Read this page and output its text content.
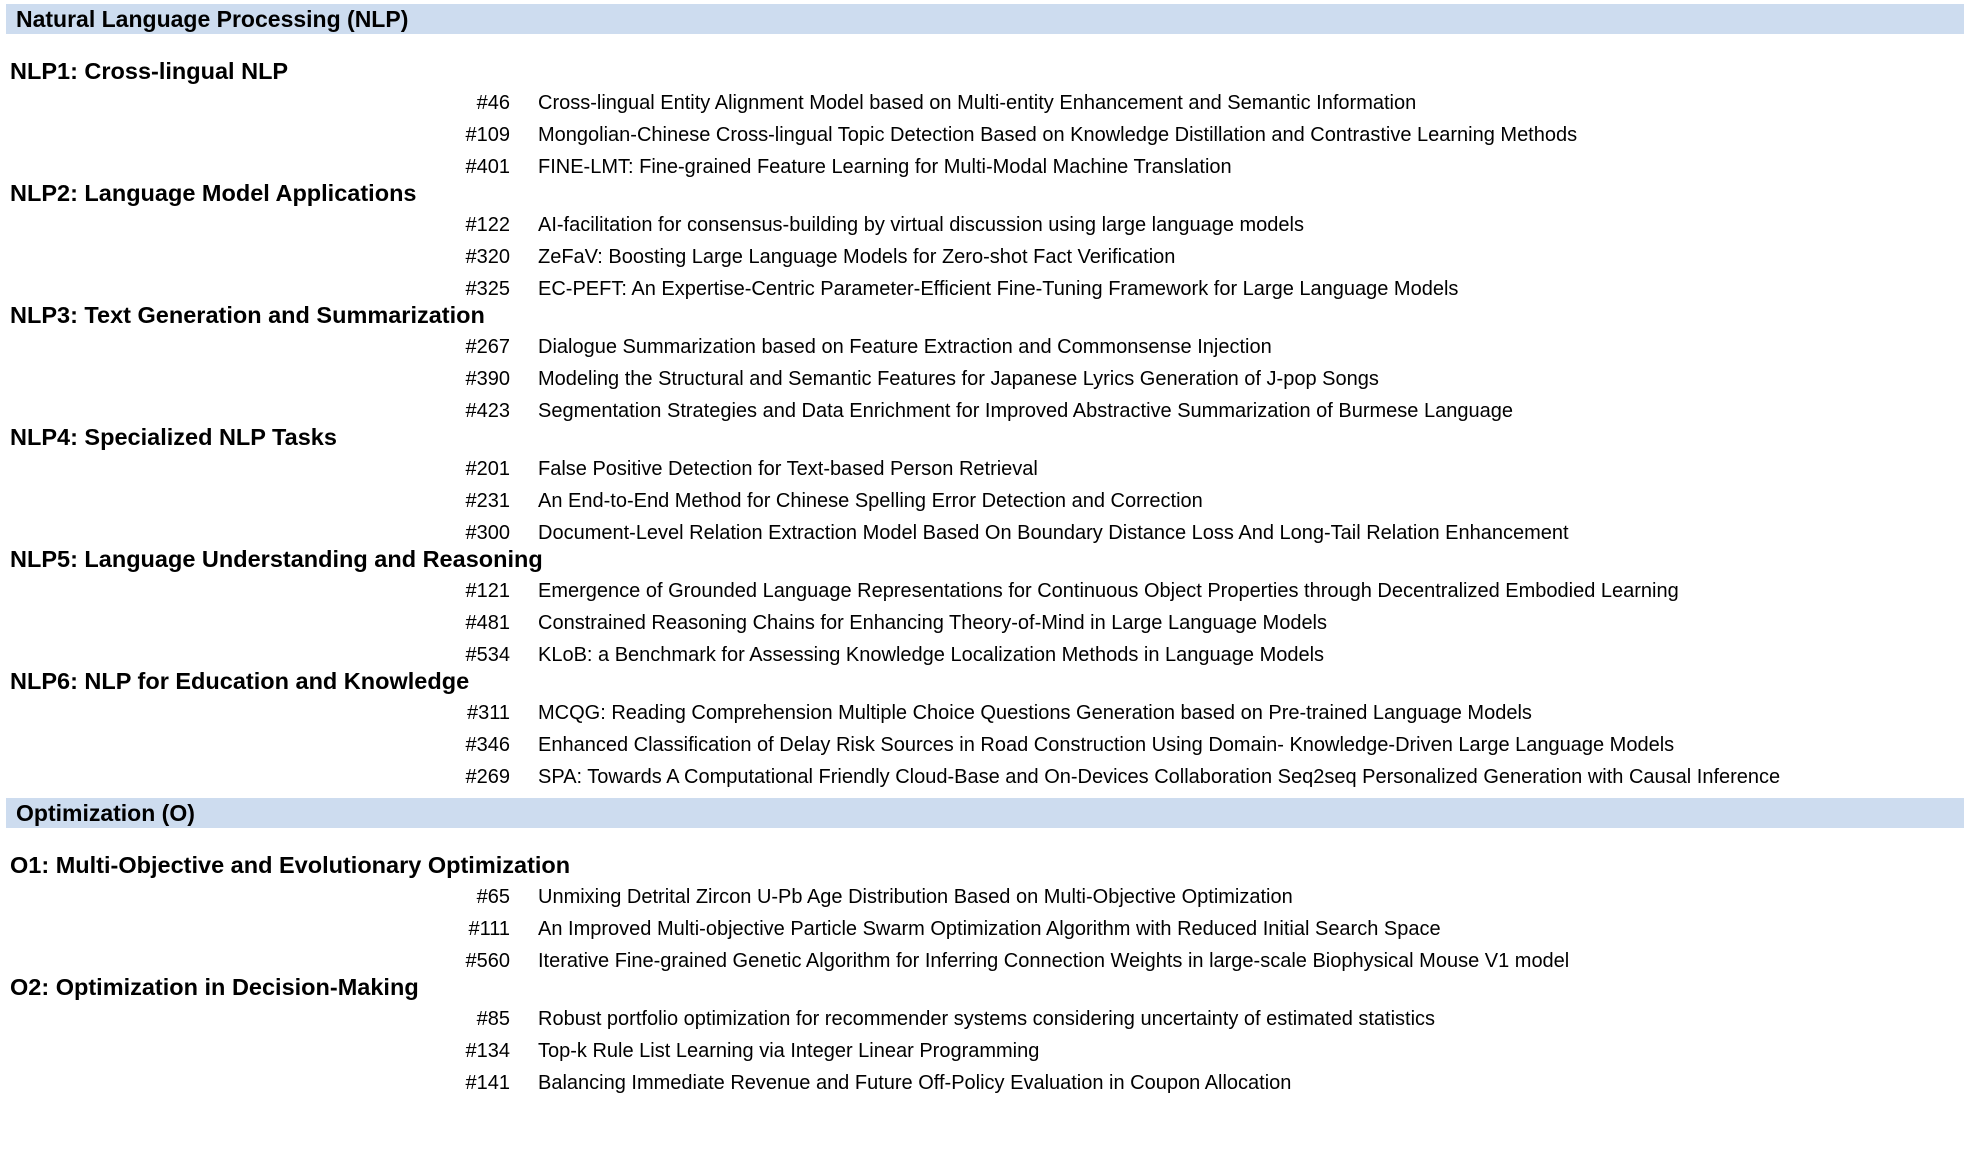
Natural Language Processing (NLP)
NLP1: Cross-lingual NLP
#46 Cross-lingual Entity Alignment Model based on Multi-entity Enhancement and Semantic Information
#109 Mongolian-Chinese Cross-lingual Topic Detection Based on Knowledge Distillation and Contrastive Learning Methods
#401 FINE-LMT: Fine-grained Feature Learning for Multi-Modal Machine Translation
NLP2: Language Model Applications
#122 AI-facilitation for consensus-building by virtual discussion using large language models
#320 ZeFaV: Boosting Large Language Models for Zero-shot Fact Verification
#325 EC-PEFT: An Expertise-Centric Parameter-Efficient Fine-Tuning Framework for Large Language Models
NLP3: Text Generation and Summarization
#267 Dialogue Summarization based on Feature Extraction and Commonsense Injection
#390 Modeling the Structural and Semantic Features for Japanese Lyrics Generation of J-pop Songs
#423 Segmentation Strategies and Data Enrichment for Improved Abstractive Summarization of Burmese Language
NLP4: Specialized NLP Tasks
#201 False Positive Detection for Text-based Person Retrieval
#231 An End-to-End Method for Chinese Spelling Error Detection and Correction
#300 Document-Level Relation Extraction Model Based On Boundary Distance Loss And Long-Tail Relation Enhancement
NLP5: Language Understanding and Reasoning
#121 Emergence of Grounded Language Representations for Continuous Object Properties through Decentralized Embodied Learning
#481 Constrained Reasoning Chains for Enhancing Theory-of-Mind in Large Language Models
#534 KLoB: a Benchmark for Assessing Knowledge Localization Methods in Language Models
NLP6: NLP for Education and Knowledge
#311 MCQG: Reading Comprehension Multiple Choice Questions Generation based on Pre-trained Language Models
#346 Enhanced Classification of Delay Risk Sources in Road Construction Using Domain- Knowledge-Driven Large Language Models
#269 SPA: Towards A Computational Friendly Cloud-Base and On-Devices Collaboration Seq2seq Personalized Generation with Causal Inference
Optimization (O)
O1: Multi-Objective and Evolutionary Optimization
#65 Unmixing Detrital Zircon U-Pb Age Distribution Based on Multi-Objective Optimization
#111 An Improved Multi-objective Particle Swarm Optimization Algorithm with Reduced Initial Search Space
#560 Iterative Fine-grained Genetic Algorithm for Inferring Connection Weights in large-scale Biophysical Mouse V1 model
O2: Optimization in Decision-Making
#85 Robust portfolio optimization for recommender systems considering uncertainty of estimated statistics
#134 Top-k Rule List Learning via Integer Linear Programming
#141 Balancing Immediate Revenue and Future Off-Policy Evaluation in Coupon Allocation
